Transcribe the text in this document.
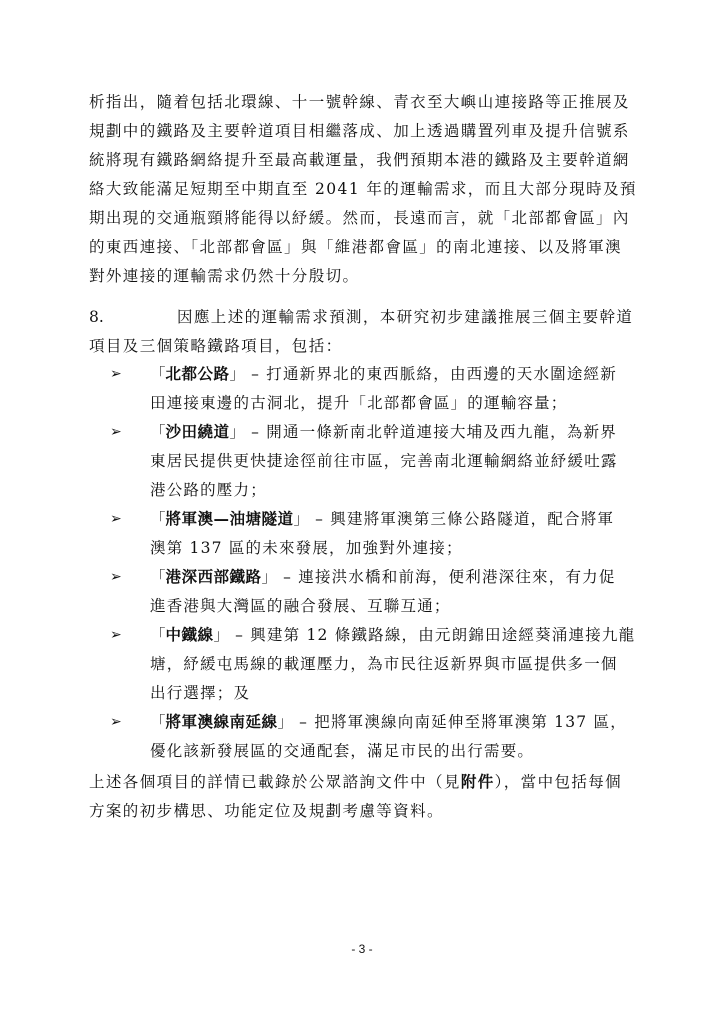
析指出，隨着包括北環線、十一號幹線、青衣至大嶼山連接路等正推展及
規劃中的鐵路及主要幹道項目相繼落成、加上透過購置列車及提升信號系
統將現有鐵路網絡提升至最高載運量，我們預期本港的鐵路及主要幹道網
絡大致能滿足短期至中期直至 2041 年的運輸需求，而且大部分現時及預
期出現的交通瓶頸將能得以紓緩。然而，長遠而言，就「北部都會區」內
的東西連接、「北部都會區」與「維港都會區」的南北連接、以及將軍澳
對外連接的運輸需求仍然十分殷切。
8.	因應上述的運輸需求預測，本研究初步建議推展三個主要幹道
項目及三個策略鐵路項目，包括：
➢	「北都公路」 – 打通新界北的東西脈絡，由西邊的天水圍途經新
田連接東邊的古洞北，提升「北部都會區」的運輸容量；
➢	「沙田繞道」 – 開通一條新南北幹道連接大埔及西九龍，為新界
東居民提供更快捷途徑前往市區，完善南北運輸網絡並紓緩吐露
港公路的壓力；
➢	「將軍澳—油塘隧道」 – 興建將軍澳第三條公路隧道，配合將軍
澳第 137 區的未來發展，加強對外連接；
➢	「港深西部鐵路」 – 連接洪水橋和前海，便利港深往來，有力促
進香港與大灣區的融合發展、互聯互通；
➢	「中鐵線」 – 興建第 12 條鐵路線，由元朗錦田途經葵涌連接九龍
塘，紓緩屯馬線的載運壓力，為市民往返新界與市區提供多一個
出行選擇；及
➢	「將軍澳線南延線」 – 把將軍澳線向南延伸至將軍澳第 137 區，
優化該新發展區的交通配套，滿足市民的出行需要。
上述各個項目的詳情已載錄於公眾諮詢文件中（見附件），當中包括每個
方案的初步構思、功能定位及規劃考慮等資料。
- 3 -
